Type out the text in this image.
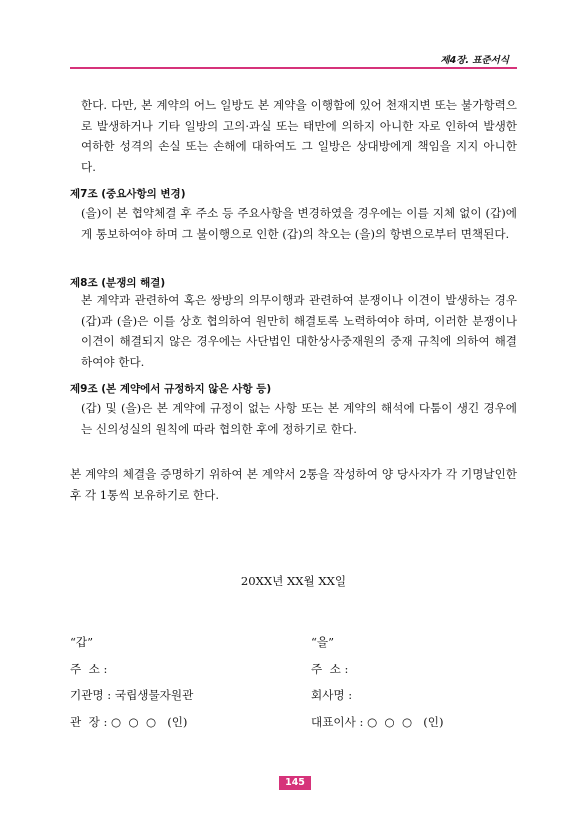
제4장. 표준서식
한다. 다만, 본 계약의 어느 일방도 본 계약을 이행함에 있어 천재지변 또는 불가항력으로 발생하거나 기타 일방의 고의·과실 또는 태만에 의하지 아니한 자로 인하여 발생한 여하한 성격의 손실 또는 손해에 대하여도 그 일방은 상대방에게 책임을 지지 아니한다.
제7조 (중요사항의 변경)
(을)이 본 협약체결 후 주소 등 주요사항을 변경하였을 경우에는 이를 지체 없이 (갑)에게 통보하여야 하며 그 불이행으로 인한 (갑)의 착오는 (을)의 항변으로부터 면책된다.
제8조 (분쟁의 해결)
본 계약과 관련하여 혹은 쌍방의 의무이행과 관련하여 분쟁이나 이견이 발생하는 경우 (갑)과 (을)은 이를 상호 협의하여 원만히 해결토록 노력하여야 하며, 이러한 분쟁이나 이견이 해결되지 않은 경우에는 사단법인 대한상사중재원의 중재 규칙에 의하여 해결하여야 한다.
제9조 (본 계약에서 규정하지 않은 사항 등)
(갑) 및 (을)은 본 계약에 규정이 없는 사항 또는 본 계약의 해석에 다툼이 생긴 경우에는 신의성실의 원칙에 따라 협의한 후에 정하기로 한다.
본 계약의 체결을 증명하기 위하여 본 계약서 2통을 작성하여 양 당사자가 각 기명날인한 후 각 1통씩 보유하기로 한다.
20XX년 XX월 XX일
“갑”
주  소 :
기관명 : 국립생물자원관
관  장 : ○  ○  ○   (인)
“을”
주  소 :
회사명 :
대표이사 : ○  ○  ○   (인)
145
